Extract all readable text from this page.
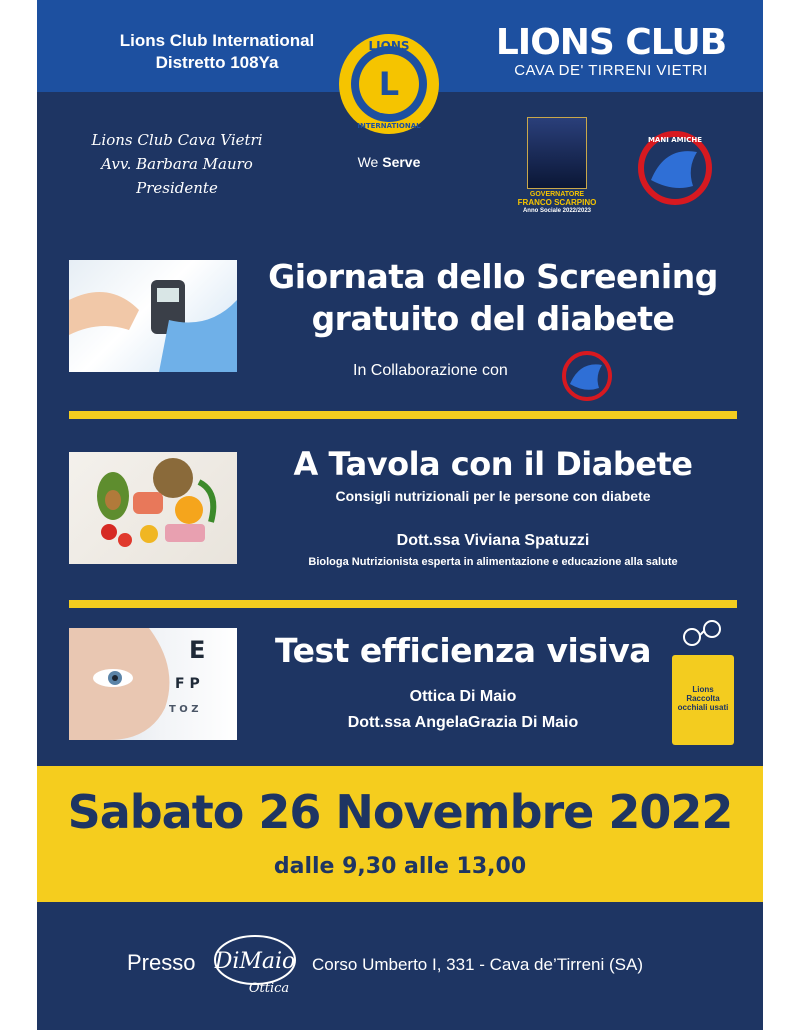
Lions Club International
Distretto 108Ya	LIONS CLUB
CAVA DE' TIRRENI VIETRI
L
LIONS
INTERNATIONAL
We Serve
Lions Club Cava Vietri
Avv. Barbara Mauro
Presidente	GOVERNATORE
FRANCO SCARPINO
Anno Sociale 2022/2023
MANI AMICHE
Giornata dello Screening
gratuito del diabete
In Collaborazione con
A Tavola con il Diabete
Consigli nutrizionali per le persone con diabete
Dott.ssa Viviana Spatuzzi
Biologa Nutrizionista esperta in alimentazione e educazione alla salute
E
F P
T O Z
Test efficienza visiva
Ottica Di Maio
Dott.ssa AngelaGrazia Di Maio
Lions
Raccolta
occhiali usati
Sabato 26 Novembre 2022
dalle 9,30 alle 13,00
Presso DiMaio
Ottica
Corso Umberto I, 331 - Cava de’Tirreni (SA)
